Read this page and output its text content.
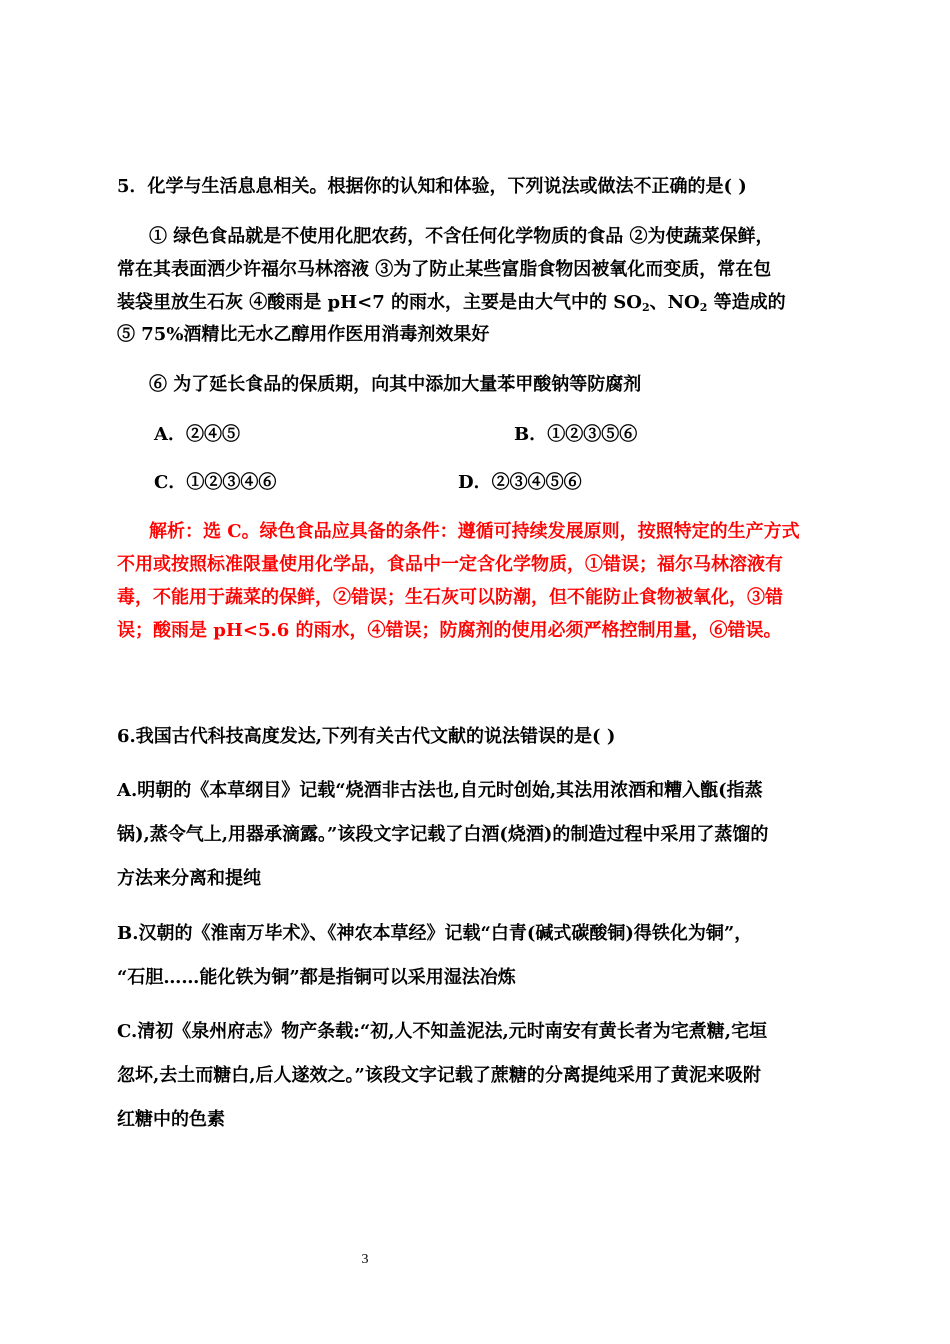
5．化学与生活息息相关。根据你的认知和体验，下列说法或做法不正确的是( )
① 绿色食品就是不使用化肥农药，不含任何化学物质的食品 ②为使蔬菜保鲜，
常在其表面洒少许福尔马林溶液 ③为了防止某些富脂食物因被氧化而变质，常在包
装袋里放生石灰 ④酸雨是 pH<7 的雨水，主要是由大气中的 $SO_2$、$NO_2$ 等造成的
⑤ 75%酒精比无水乙醇用作医用消毒剂效果好
⑥ 为了延长食品的保质期，向其中添加大量苯甲酸钠等防腐剂
A．②④⑤	B．①②③⑤⑥
C．①②③④⑥	D．②③④⑤⑥
解析：选 C。绿色食品应具备的条件：遵循可持续发展原则，按照特定的生产方式
不用或按照标准限量使用化学品，食品中一定含化学物质，①错误；福尔马林溶液有
毒，不能用于蔬菜的保鲜，②错误；生石灰可以防潮，但不能防止食物被氧化，③错
误；酸雨是 pH<5.6 的雨水，④错误；防腐剂的使用必须严格控制用量，⑥错误。
6.我国古代科技高度发达,下列有关古代文献的说法错误的是( )
A.明朝的《本草纲目》记载“烧酒非古法也,自元时创始,其法用浓酒和糟入甑(指蒸
锅),蒸令气上,用器承滴露。”该段文字记载了白酒(烧酒)的制造过程中采用了蒸馏的
方法来分离和提纯
B.汉朝的《淮南万毕术》、《神农本草经》记载“白青(碱式碳酸铜)得铁化为铜”，
“石胆……能化铁为铜”都是指铜可以采用湿法冶炼
C.清初《泉州府志》物产条载:“初,人不知盖泥法,元时南安有黄长者为宅煮糖,宅垣
忽坏,去土而糖白,后人遂效之。”该段文字记载了蔗糖的分离提纯采用了黄泥来吸附
红糖中的色素
3
